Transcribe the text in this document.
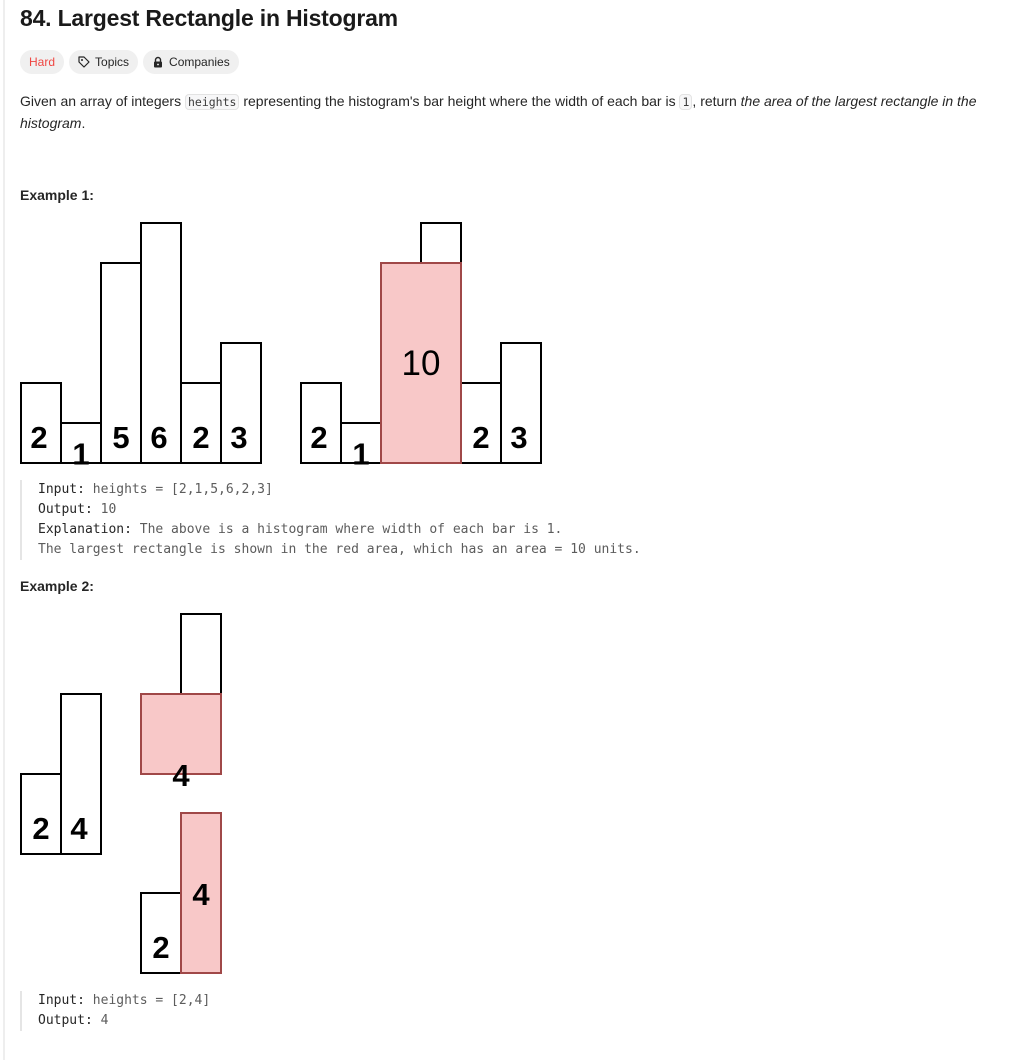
84. Largest Rectangle in Histogram
Hard	Topics	Companies
Given an array of integers heights representing the histogram's bar height where the width of each bar is 1 , return the area of the largest rectangle in the histogram.
Example 1:
2 1 5 6 2 3 2 1	2 3
10
2 4
4
2
4
Input: heights = [2,1,5,6,2,3]
Output: 10
Explanation: The above is a histogram where width of each bar is 1.
The largest rectangle is shown in the red area, which has an area = 10 units.
Example 2:
Input: heights = [2,4]
Output: 4
